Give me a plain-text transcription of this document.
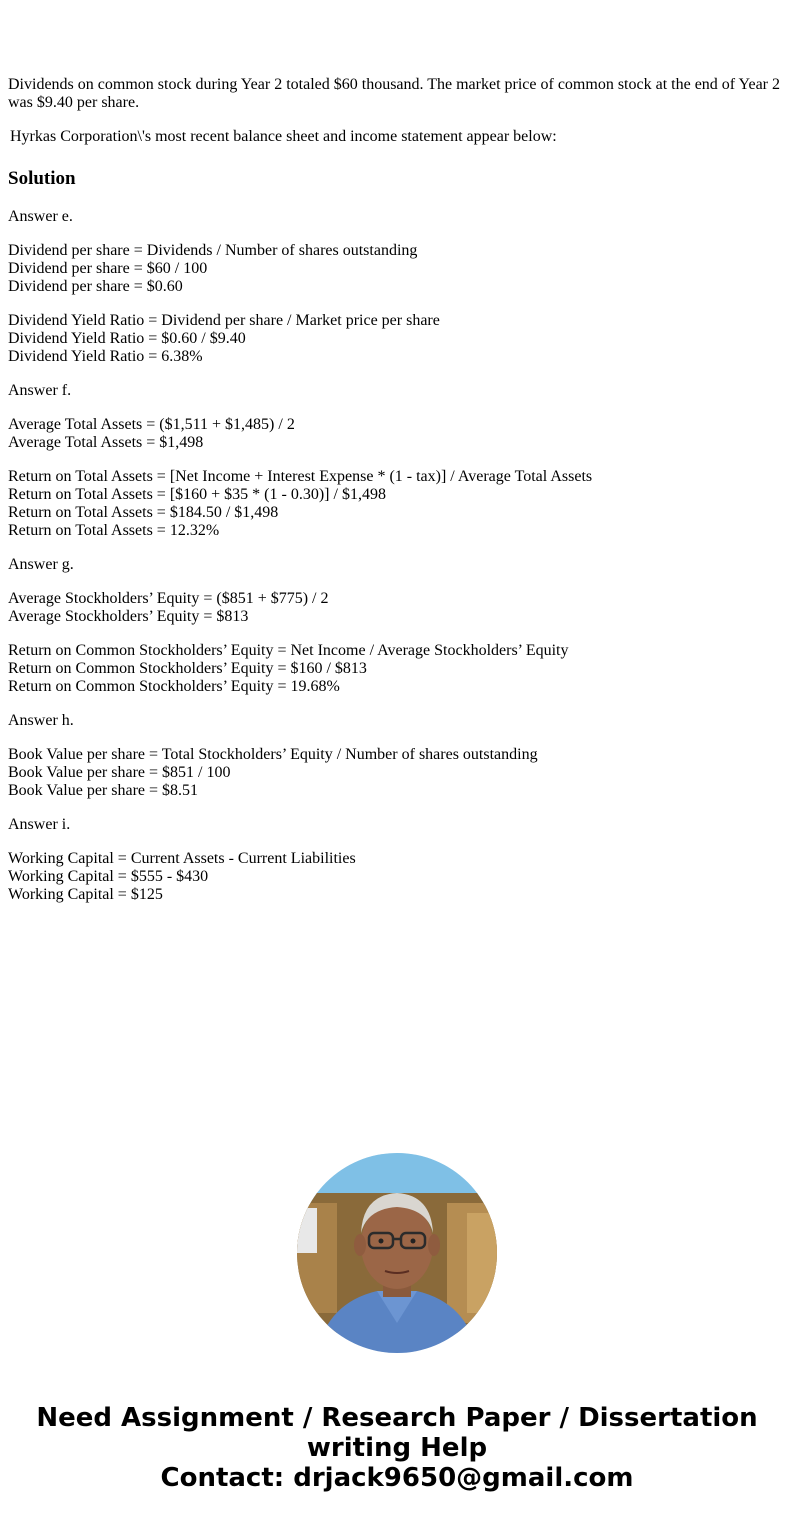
Dividends on common stock during Year 2 totaled $60 thousand. The market price of common stock at the end of Year 2 was $9.40 per share.

Hyrkas Corporation\'s most recent balance sheet and income statement appear below:

Solution

Answer e.

Dividend per share = Dividends / Number of shares outstanding
Dividend per share = $60 / 100
Dividend per share = $0.60

Dividend Yield Ratio = Dividend per share / Market price per share
Dividend Yield Ratio = $0.60 / $9.40
Dividend Yield Ratio = 6.38%

Answer f.

Average Total Assets = ($1,511 + $1,485) / 2
Average Total Assets = $1,498

Return on Total Assets = [Net Income + Interest Expense * (1 - tax)] / Average Total Assets
Return on Total Assets = [$160 + $35 * (1 - 0.30)] / $1,498
Return on Total Assets = $184.50 / $1,498
Return on Total Assets = 12.32%

Answer g.

Average Stockholders’ Equity = ($851 + $775) / 2
Average Stockholders’ Equity = $813

Return on Common Stockholders’ Equity = Net Income / Average Stockholders’ Equity
Return on Common Stockholders’ Equity = $160 / $813
Return on Common Stockholders’ Equity = 19.68%

Answer h.

Book Value per share = Total Stockholders’ Equity / Number of shares outstanding
Book Value per share = $851 / 100
Book Value per share = $8.51

Answer i.

Working Capital = Current Assets - Current Liabilities
Working Capital = $555 - $430
Working Capital = $125

Need Assignment / Research Paper / Dissertation
writing Help
Contact: drjack9650@gmail.com
